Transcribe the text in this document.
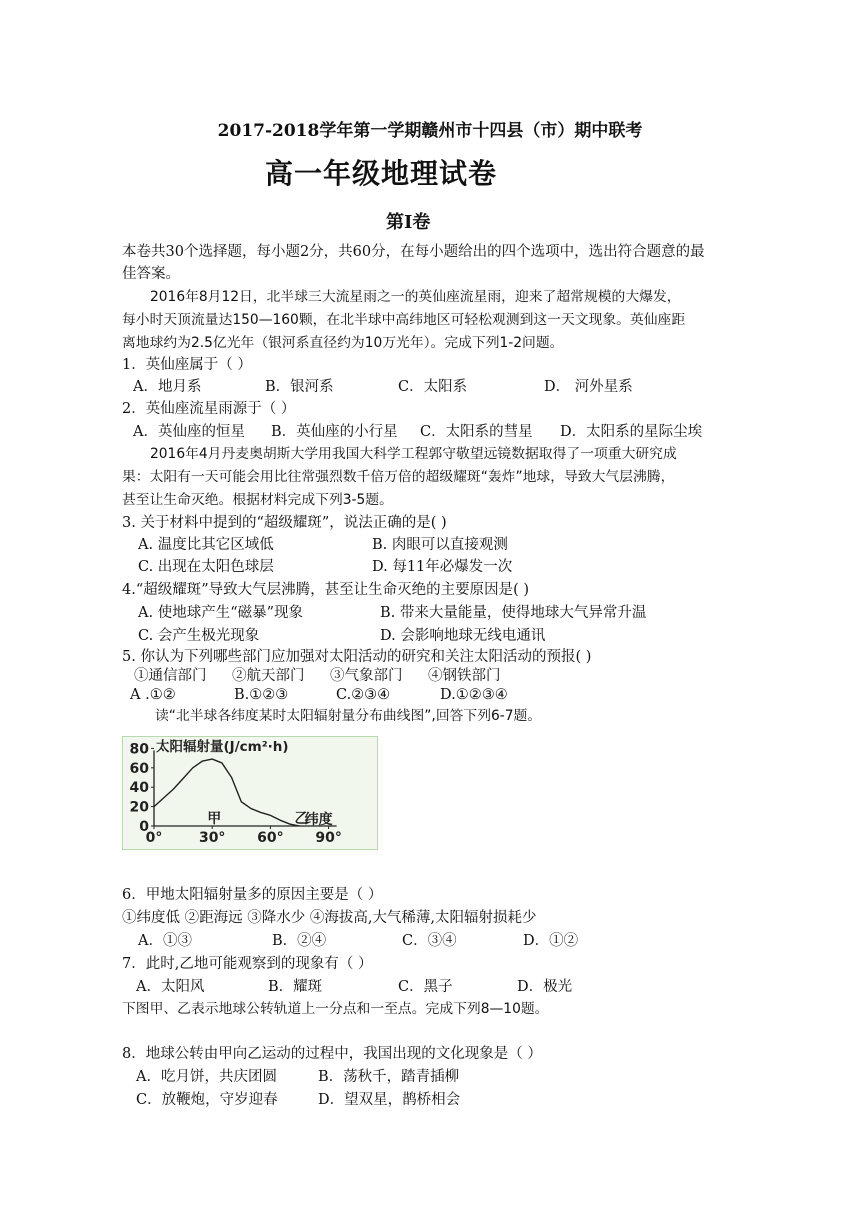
2017-2018学年第一学期赣州市十四县（市）期中联考
高一年级地理试卷
第Ⅰ卷
本卷共30个选择题，每小题2分，共60分，在每小题给出的四个选项中，选出符合题意的最
佳答案。
2016年8月12日，北半球三大流星雨之一的英仙座流星雨，迎来了超常规模的大爆发，
每小时天顶流量达150—160颗，在北半球中高纬地区可轻松观测到这一天文现象。英仙座距
离地球约为2.5亿光年（银河系直径约为10万光年）。完成下列1-2问题。
1．英仙座属于（ ）
A．地月系	B．银河系	C．太阳系	D． 河外星系
2．英仙座流星雨源于（ ）
A．英仙座的恒星 B．英仙座的小行星 C．太阳系的彗星 D．太阳系的星际尘埃
2016年4月丹麦奥胡斯大学用我国大科学工程郭守敬望远镜数据取得了一项重大研究成
果：太阳有一天可能会用比往常强烈数千倍万倍的超级耀斑“轰炸”地球，导致大气层沸腾，
甚至让生命灭绝。根据材料完成下列3-5题。
3. 关于材料中提到的“超级耀斑”，说法正确的是( )
A. 温度比其它区域低	B. 肉眼可以直接观测
C. 出现在太阳色球层	D. 每11年必爆发一次
4.“超级耀斑”导致大气层沸腾，甚至让生命灭绝的主要原因是( )
A. 使地球产生“磁暴”现象	B. 带来大量能量，使得地球大气异常升温
C. 会产生极光现象	D. 会影响地球无线电通讯
5. 你认为下列哪些部门应加强对太阳活动的研究和关注太阳活动的预报( )
①通信部门 ②航天部门 ③气象部门 ④钢铁部门
A .①②	B.①②③	C.②③④	D.①②③④
读“北半球各纬度某时太阳辐射量分布曲线图”,回答下列6-7题。
0
20
40
60
80
0°	30° 60° 90°
太阳辐射量(J/cm²·h)
纬度
甲	乙
6．甲地太阳辐射量多的原因主要是（ ）
①纬度低 ②距海远 ③降水少 ④海拔高,大气稀薄,太阳辐射损耗少
A．①③	B．②④	C．③④	D．①②
7．此时,乙地可能观察到的现象有（ ）
A．太阳风	B．耀斑	C．黑子	D．极光
下图甲、乙表示地球公转轨道上一分点和一至点。完成下列8—10题。
8．地球公转由甲向乙运动的过程中，我国出现的文化现象是（ ）
A．吃月饼，共庆团圆	B．荡秋千，踏青插柳
C．放鞭炮，守岁迎春	D．望双星，鹊桥相会
